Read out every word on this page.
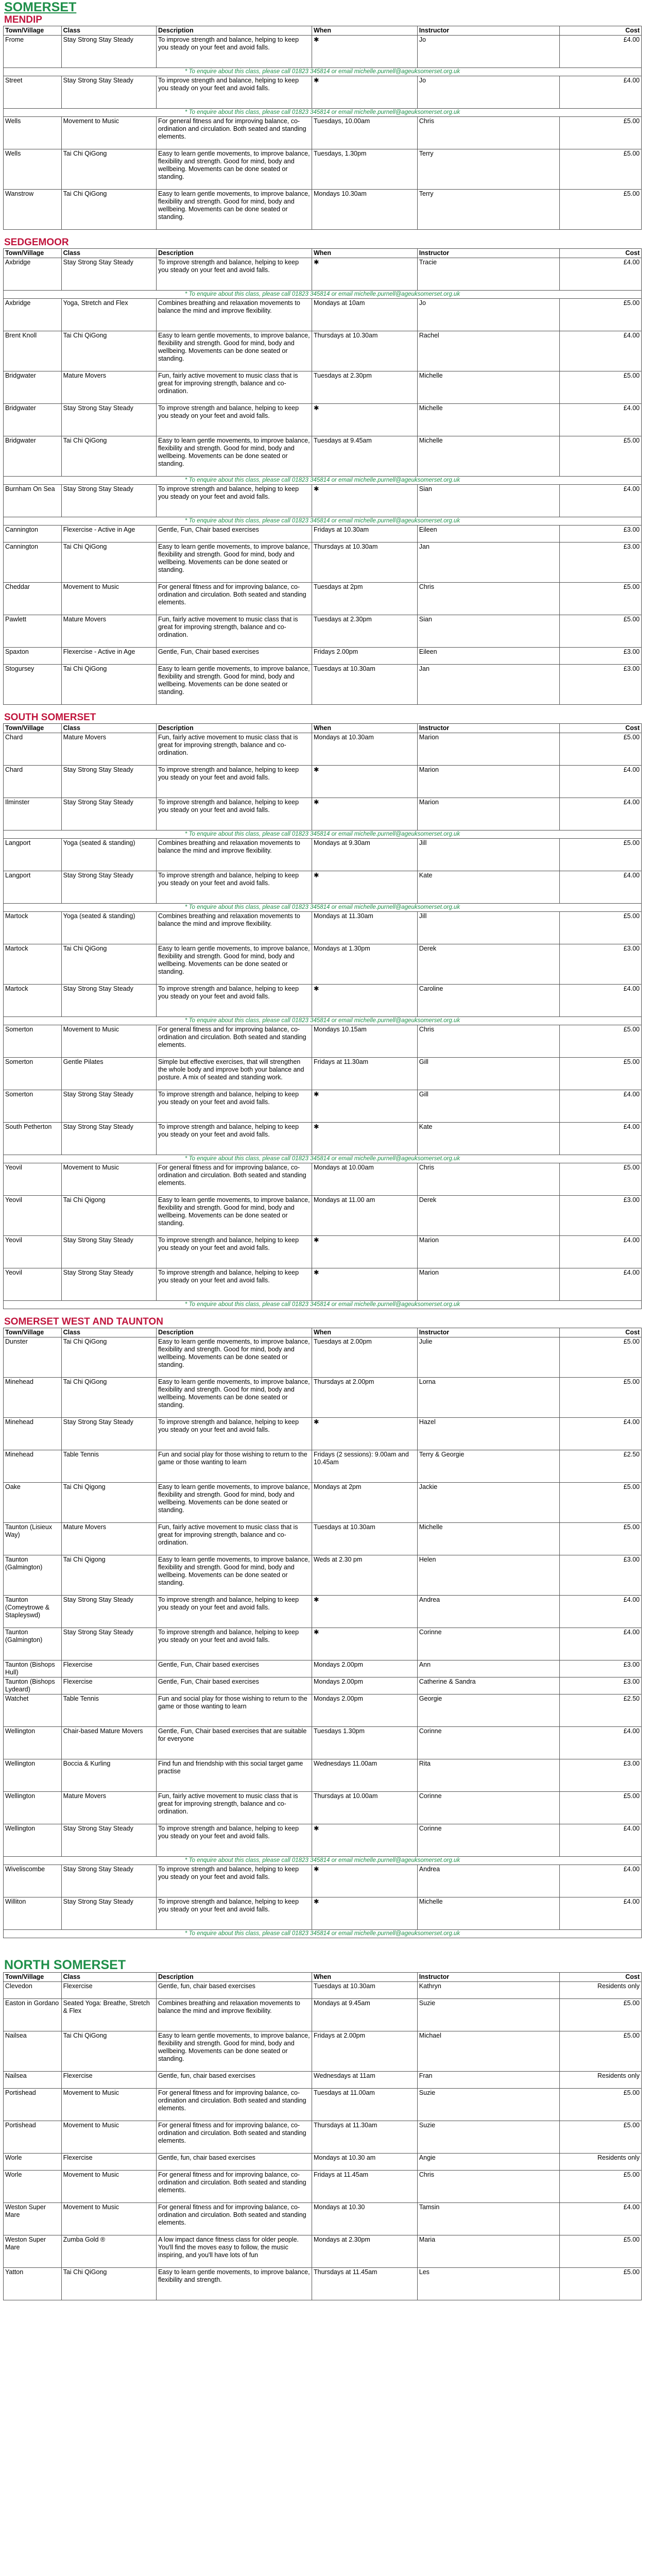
SOMERSET
MENDIP
Town/Village	Class	Description	When	Instructor	Cost
Frome	Stay Strong Stay Steady	To improve strength and balance, helping to keep you steady on your feet and avoid falls.	✱	Jo	£4.00
* To enquire about this class, please call 01823 345814 or email michelle.purnell@ageuksomerset.org.uk					
Street	Stay Strong Stay Steady	To improve strength and balance, helping to keep you steady on your feet and avoid falls.	✱	Jo	£4.00
* To enquire about this class, please call 01823 345814 or email michelle.purnell@ageuksomerset.org.uk					
Wells	Movement to Music	For general fitness and for improving balance, co-ordination and circulation. Both seated and standing elements.	Tuesdays, 10.00am	Chris	£5.00
Wells	Tai Chi QiGong	Easy to learn gentle movements, to improve balance, flexibility and strength. Good for mind, body and wellbeing. Movements can be done seated or standing.	Tuesdays, 1.30pm	Terry	£5.00
Wanstrow	Tai Chi QiGong	Easy to learn gentle movements, to improve balance, flexibility and strength. Good for mind, body and wellbeing. Movements can be done seated or standing.	Mondays 10.30am	Terry	£5.00
SEDGEMOOR
Town/Village	Class	Description	When	Instructor	Cost
Axbridge	Stay Strong Stay Steady	To improve strength and balance, helping to keep you steady on your feet and avoid falls.	✱	Tracie	£4.00
* To enquire about this class, please call 01823 345814 or email michelle.purnell@ageuksomerset.org.uk					
Axbridge	Yoga, Stretch and Flex	Combines breathing and relaxation movements to balance the mind and improve flexibility.	Mondays at 10am	Jo	£5.00
Brent Knoll	Tai Chi QiGong	Easy to learn gentle movements, to improve balance, flexibility and strength. Good for mind, body and wellbeing. Movements can be done seated or standing.	Thursdays at 10.30am	Rachel	£4.00
Bridgwater	Mature Movers	Fun, fairly active movement to music class that is great for improving strength, balance and co-ordination.	Tuesdays at 2.30pm	Michelle	£5.00
Bridgwater	Stay Strong Stay Steady	To improve strength and balance, helping to keep you steady on your feet and avoid falls.	✱	Michelle	£4.00
Bridgwater	Tai Chi QiGong	Easy to learn gentle movements, to improve balance, flexibility and strength. Good for mind, body and wellbeing. Movements can be done seated or standing.	Tuesdays at 9.45am	Michelle	£5.00
* To enquire about this class, please call 01823 345814 or email michelle.purnell@ageuksomerset.org.uk					
Burnham On Sea	Stay Strong Stay Steady	To improve strength and balance, helping to keep you steady on your feet and avoid falls.	✱	Sian	£4.00
* To enquire about this class, please call 01823 345814 or email michelle.purnell@ageuksomerset.org.uk					
Cannington	Flexercise - Active in Age	Gentle, Fun, Chair based exercises	Fridays at 10.30am	Eileen	£3.00
Cannington	Tai Chi QiGong	Easy to learn gentle movements, to improve balance, flexibility and strength. Good for mind, body and wellbeing. Movements can be done seated or standing.	Thursdays at 10.30am	Jan	£3.00
Cheddar	Movement to Music	For general fitness and for improving balance, co-ordination and circulation. Both seated and standing elements.	Tuesdays at 2pm	Chris	£5.00
Pawlett	Mature Movers	Fun, fairly active movement to music class that is great for improving strength, balance and co-ordination.	Tuesdays at 2.30pm	Sian	£5.00
Spaxton	Flexercise - Active in Age	Gentle, Fun, Chair based exercises	Fridays 2.00pm	Eileen	£3.00
Stogursey	Tai Chi QiGong	Easy to learn gentle movements, to improve balance, flexibility and strength. Good for mind, body and wellbeing. Movements can be done seated or standing.	Tuesdays at 10.30am	Jan	£3.00
SOUTH SOMERSET
Town/Village	Class	Description	When	Instructor	Cost
Chard	Mature Movers	Fun, fairly active movement to music class that is great for improving strength, balance and co-ordination.	Mondays at 10.30am	Marion	£5.00
Chard	Stay Strong Stay Steady	To improve strength and balance, helping to keep you steady on your feet and avoid falls.	✱	Marion	£4.00
Ilminster	Stay Strong Stay Steady	To improve strength and balance, helping to keep you steady on your feet and avoid falls.	✱	Marion	£4.00
* To enquire about this class, please call 01823 345814 or email michelle.purnell@ageuksomerset.org.uk					
Langport	Yoga (seated & standing)	Combines breathing and relaxation movements to balance the mind and improve flexibility.	Mondays at 9.30am	Jill	£5.00
Langport	Stay Strong Stay Steady	To improve strength and balance, helping to keep you steady on your feet and avoid falls.	✱	Kate	£4.00
* To enquire about this class, please call 01823 345814 or email michelle.purnell@ageuksomerset.org.uk					
Martock	Yoga (seated & standing)	Combines breathing and relaxation movements to balance the mind and improve flexibility.	Mondays at 11.30am	Jill	£5.00
Martock	Tai Chi QiGong	Easy to learn gentle movements, to improve balance, flexibility and strength. Good for mind, body and wellbeing. Movements can be done seated or standing.	Mondays at 1.30pm	Derek	£3.00
Martock	Stay Strong Stay Steady	To improve strength and balance, helping to keep you steady on your feet and avoid falls.	✱	Caroline	£4.00
* To enquire about this class, please call 01823 345814 or email michelle.purnell@ageuksomerset.org.uk					
Somerton	Movement to Music	For general fitness and for improving balance, co-ordination and circulation. Both seated and standing elements.	Mondays 10.15am	Chris	£5.00
Somerton	Gentle Pilates	Simple but effective exercises, that will strengthen the whole body and improve both your balance and posture. A mix of seated and standing work.	Fridays at 11.30am	Gill	£5.00
Somerton	Stay Strong Stay Steady	To improve strength and balance, helping to keep you steady on your feet and avoid falls.	✱	Gill	£4.00
South Petherton	Stay Strong Stay Steady	To improve strength and balance, helping to keep you steady on your feet and avoid falls.	✱	Kate	£4.00
* To enquire about this class, please call 01823 345814 or email michelle.purnell@ageuksomerset.org.uk					
Yeovil	Movement to Music	For general fitness and for improving balance, co-ordination and circulation. Both seated and standing elements.	Mondays at 10.00am	Chris	£5.00
Yeovil	Tai Chi Qigong	Easy to learn gentle movements, to improve balance, flexibility and strength. Good for mind, body and wellbeing. Movements can be done seated or standing.	Mondays at 11.00 am	Derek	£3.00
Yeovil	Stay Strong Stay Steady	To improve strength and balance, helping to keep you steady on your feet and avoid falls.	✱	Marion	£4.00
Yeovil	Stay Strong Stay Steady	To improve strength and balance, helping to keep you steady on your feet and avoid falls.	✱	Marion	£4.00
* To enquire about this class, please call 01823 345814 or email michelle.purnell@ageuksomerset.org.uk					
SOMERSET WEST AND TAUNTON
Town/Village	Class	Description	When	Instructor	Cost
Dunster	Tai Chi QiGong	Easy to learn gentle movements, to improve balance, flexibility and strength. Good for mind, body and wellbeing. Movements can be done seated or standing.	Tuesdays at 2.00pm	Julie	£5.00
Minehead	Tai Chi QiGong	Easy to learn gentle movements, to improve balance, flexibility and strength. Good for mind, body and wellbeing. Movements can be done seated or standing.	Thursdays at 2.00pm	Lorna	£5.00
Minehead	Stay Strong Stay Steady	To improve strength and balance, helping to keep you steady on your feet and avoid falls.	✱	Hazel	£4.00
Minehead	Table Tennis	Fun and social play for those wishing to return to the game or those wanting to learn	Fridays (2 sessions): 9.00am and 10.45am	Terry & Georgie	£2.50
Oake	Tai Chi Qigong	Easy to learn gentle movements, to improve balance, flexibility and strength. Good for mind, body and wellbeing. Movements can be done seated or standing.	Mondays at 2pm	Jackie	£5.00
Taunton (Lisieux Way)	Mature Movers	Fun, fairly active movement to music class that is great for improving strength, balance and co-ordination.	Tuesdays at 10.30am	Michelle	£5.00
Taunton (Galmington)	Tai Chi Qigong	Easy to learn gentle movements, to improve balance, flexibility and strength. Good for mind, body and wellbeing. Movements can be done seated or standing.	Weds at 2.30 pm	Helen	£3.00
Taunton (Comeytrowe & Stapleyswd)	Stay Strong Stay Steady	To improve strength and balance, helping to keep you steady on your feet and avoid falls.	✱	Andrea	£4.00
Taunton (Galmington)	Stay Strong Stay Steady	To improve strength and balance, helping to keep you steady on your feet and avoid falls.	✱	Corinne	£4.00
Taunton (Bishops Hull)	Flexercise	Gentle, Fun, Chair based exercises	Mondays 2.00pm	Ann	£3.00
Taunton (Bishops Lydeard)	Flexercise	Gentle, Fun, Chair based exercises	Mondays 2.00pm	Catherine & Sandra	£3.00
Watchet	Table Tennis	Fun and social play for those wishing to return to the game or those wanting to learn	Mondays 2.00pm	Georgie	£2.50
Wellington	Chair-based Mature Movers	Gentle, Fun, Chair based exercises that are suitable for everyone	Tuesdays 1.30pm	Corinne	£4.00
Wellington	Boccia & Kurling	Find fun and friendship with this social target game practise	Wednesdays 11.00am	Rita	£3.00
Wellington	Mature Movers	Fun, fairly active movement to music class that is great for improving strength, balance and co-ordination.	Thursdays at 10.00am	Corinne	£5.00
Wellington	Stay Strong Stay Steady	To improve strength and balance, helping to keep you steady on your feet and avoid falls.	✱	Corinne	£4.00
* To enquire about this class, please call 01823 345814 or email michelle.purnell@ageuksomerset.org.uk					
Wiveliscombe	Stay Strong Stay Steady	To improve strength and balance, helping to keep you steady on your feet and avoid falls.	✱	Andrea	£4.00
Williton	Stay Strong Stay Steady	To improve strength and balance, helping to keep you steady on your feet and avoid falls.	✱	Michelle	£4.00
* To enquire about this class, please call 01823 345814 or email michelle.purnell@ageuksomerset.org.uk					
NORTH SOMERSET
Town/Village	Class	Description	When	Instructor	Cost
Clevedon	Flexercise	Gentle, fun, chair based exercises	Tuesdays at 10.30am	Kathryn	Residents only
Easton in Gordano	Seated Yoga: Breathe, Stretch & Flex	Combines breathing and relaxation movements to balance the mind and improve flexibility.	Mondays at 9.45am	Suzie	£5.00
Nailsea	Tai Chi QiGong	Easy to learn gentle movements, to improve balance, flexibility and strength. Good for mind, body and wellbeing. Movements can be done seated or standing.	Fridays at 2.00pm	Michael	£5.00
Nailsea	Flexercise	Gentle, fun, chair based exercises	Wednesdays at 11am	Fran	Residents only
Portishead	Movement to Music	For general fitness and for improving balance, co-ordination and circulation. Both seated and standing elements.	Tuesdays at 11.00am	Suzie	£5.00
Portishead	Movement to Music	For general fitness and for improving balance, co-ordination and circulation. Both seated and standing elements.	Thursdays at 11.30am	Suzie	£5.00
Worle	Flexercise	Gentle, fun, chair based exercises	Mondays at 10.30 am	Angie	Residents only
Worle	Movement to Music	For general fitness and for improving balance, co-ordination and circulation. Both seated and standing elements.	Fridays at 11.45am	Chris	£5.00
Weston Super Mare	Movement to Music	For general fitness and for improving balance, co-ordination and circulation. Both seated and standing elements.	Mondays at 10.30	Tamsin	£4.00
Weston Super Mare	Zumba Gold ®	A low impact dance fitness class for older people. You'll find the moves easy to follow, the music inspiring, and you'll have lots of fun	Mondays at 2.30pm	Maria	£5.00
Yatton	Tai Chi QiGong	Easy to learn gentle movements, to improve balance, flexibility and strength.	Thursdays at 11.45am	Les	£5.00
